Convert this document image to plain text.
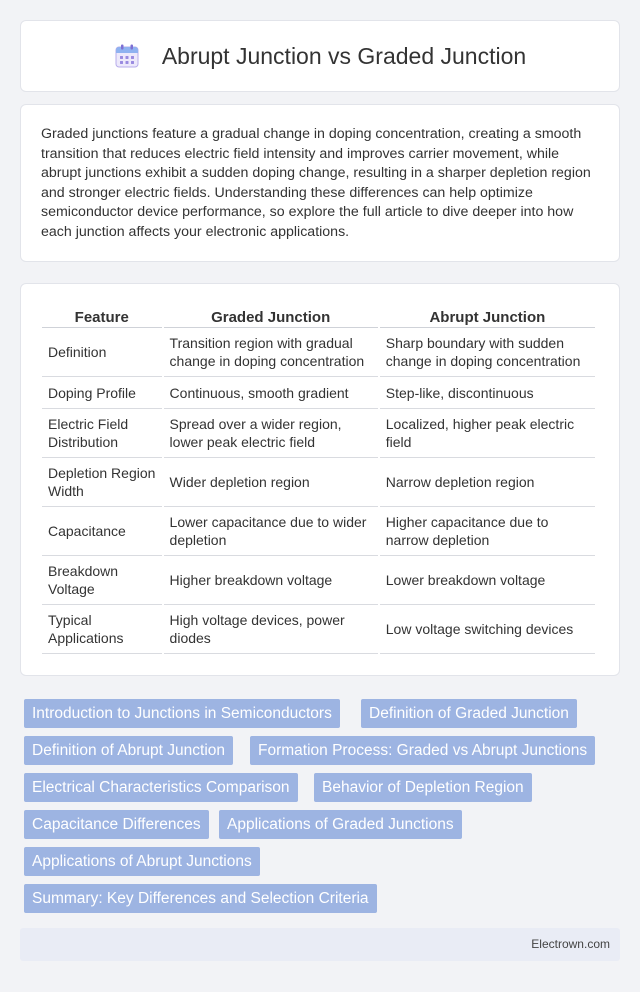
Abrupt Junction vs Graded Junction

Graded junctions feature a gradual change in doping concentration, creating a smooth transition that reduces electric field intensity and improves carrier movement, while abrupt junctions exhibit a sudden doping change, resulting in a sharper depletion region and stronger electric fields. Understanding these differences can help optimize semiconductor device performance, so explore the full article to dive deeper into how each junction affects your electronic applications.

Feature	Graded Junction	Abrupt Junction
Definition	Transition region with gradual change in doping concentration	Sharp boundary with sudden change in doping concentration
Doping Profile	Continuous, smooth gradient	Step-like, discontinuous
Electric Field Distribution	Spread over a wider region, lower peak electric field	Localized, higher peak electric field
Depletion Region Width	Wider depletion region	Narrow depletion region
Capacitance	Lower capacitance due to wider depletion	Higher capacitance due to narrow depletion
Breakdown Voltage	Higher breakdown voltage	Lower breakdown voltage
Typical Applications	High voltage devices, power diodes	Low voltage switching devices
Introduction to Junctions in Semiconductors	Definition of Graded Junction
Definition of Abrupt Junction	Formation Process: Graded vs Abrupt Junctions
Electrical Characteristics Comparison	Behavior of Depletion Region
Capacitance Differences	Applications of Graded Junctions
Applications of Abrupt Junctions
Summary: Key Differences and Selection Criteria
Electrown.com
